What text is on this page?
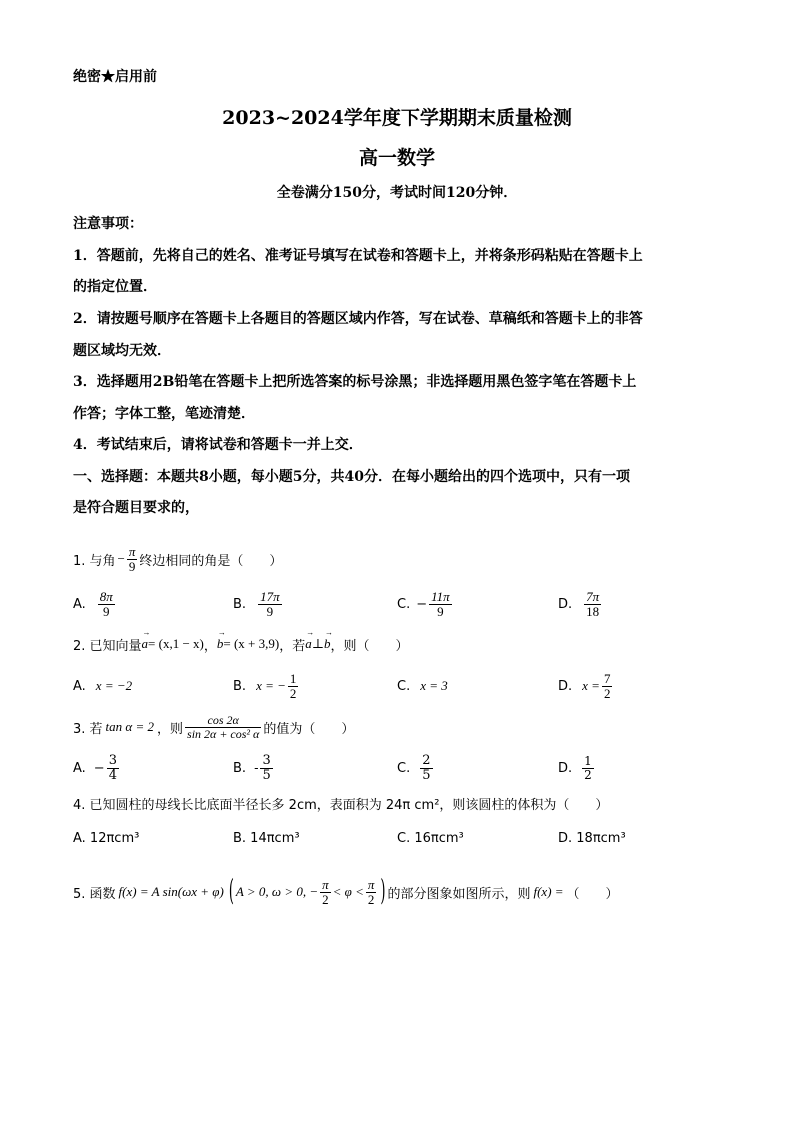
绝密★启用前
2023~2024学年度下学期期末质量检测
高一数学
全卷满分150分，考试时间120分钟．
注意事项：
1．答题前，先将自己的姓名、准考证号填写在试卷和答题卡上，并将条形码粘贴在答题卡上
的指定位置．
2．请按题号顺序在答题卡上各题目的答题区域内作答，写在试卷、草稿纸和答题卡上的非答
题区域均无效．
3．选择题用2B铅笔在答题卡上把所选答案的标号涂黑；非选择题用黑色签字笔在答题卡上
作答；字体工整，笔迹清楚．
4．考试结束后，请将试卷和答题卡一并上交．
一、选择题：本题共8小题，每小题5分，共40分．在每小题给出的四个选项中，只有一项
是符合题目要求的，
1. 与角 − $\frac{\pi}{9}$ 终边相同的角是（　　）
A. $\frac{8\pi}{9}$	B. $\frac{17\pi}{9}$	C. − $\frac{11\pi}{9}$	D. $\frac{7\pi}{18}$
2. 已知向量 → a = (x,1 − x) ， → b = (x + 3,9) ，若 → a ⊥ → b ，则（　　）
A. x = −2	B. x = − $\frac{1}{2}$	C. x = 3	D. $x = \frac{7}{2}$
3. 若 tan α = 2 ，则 $\frac{\cos 2\alpha}{\text{sin 2α + cos² α}}$ 的值为（　　）
A. − $\frac{3}{4}$	B. - $\frac{3}{5}$	C. $\frac{2}{5}$	D. $\frac{1}{2}$
4. 已知圆柱的母线长比底面半径长多 2cm，表面积为 24π cm²，则该圆柱的体积为（　　）
A. 12πcm³	B. 14πcm³	C. 16πcm³	D. 18πcm³
5. 函数 f(x) = A sin(ωx + φ) ( A > 0, ω > 0, − $\frac{\pi}{2} < \varphi < \frac{\pi}{2}$ ) 的部分图象如图所示，则 f(x) = （　　）
